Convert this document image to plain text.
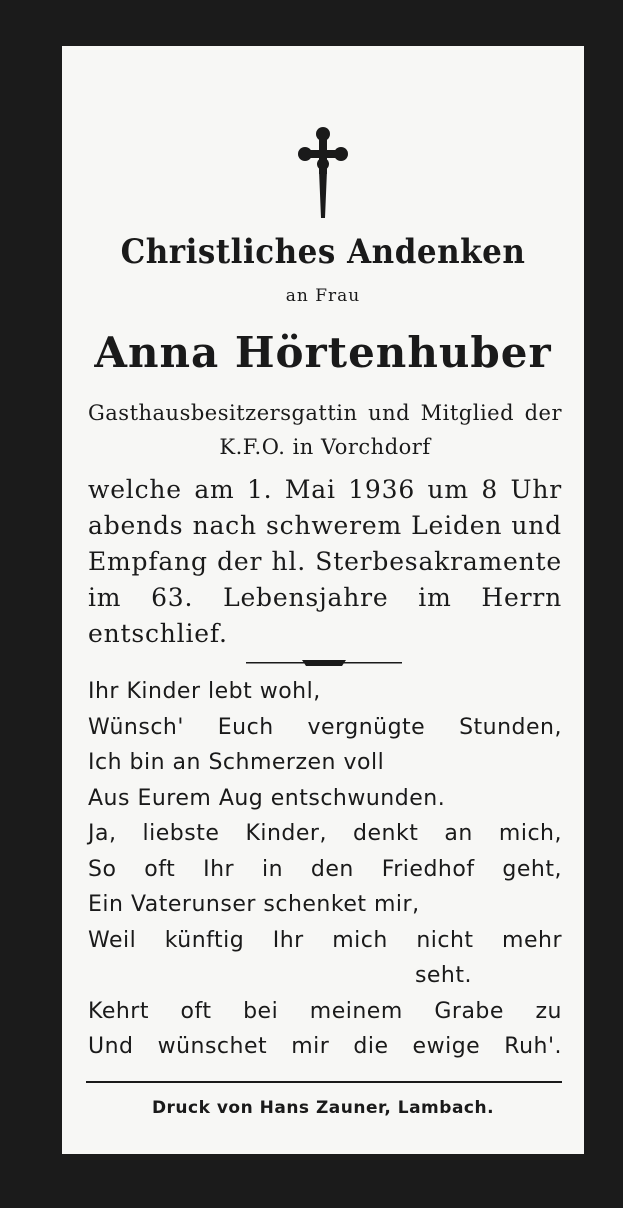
Christliches Andenken
an Frau
Anna Hörtenhuber
Gasthausbesitzersgattin und Mitglied der K.F.O. in Vorchdorf
welche am 1. Mai 1936 um 8 Uhr abends nach schwerem Leiden und Empfang der hl. Sterbesakramente im 63. Lebensjahre im Herrn entschlief.
Ihr Kinder lebt wohl,
Wünsch' Euch vergnügte Stunden,
Ich bin an Schmerzen voll
Aus Eurem Aug entschwunden.
Ja, liebste Kinder, denkt an mich,
So oft Ihr in den Friedhof geht,
Ein Vaterunser schenket mir,
Weil künftig Ihr mich nicht mehr
seht.
Kehrt oft bei meinem Grabe zu
Und wünschet mir die ewige Ruh'.
Druck von Hans Zauner, Lambach.
